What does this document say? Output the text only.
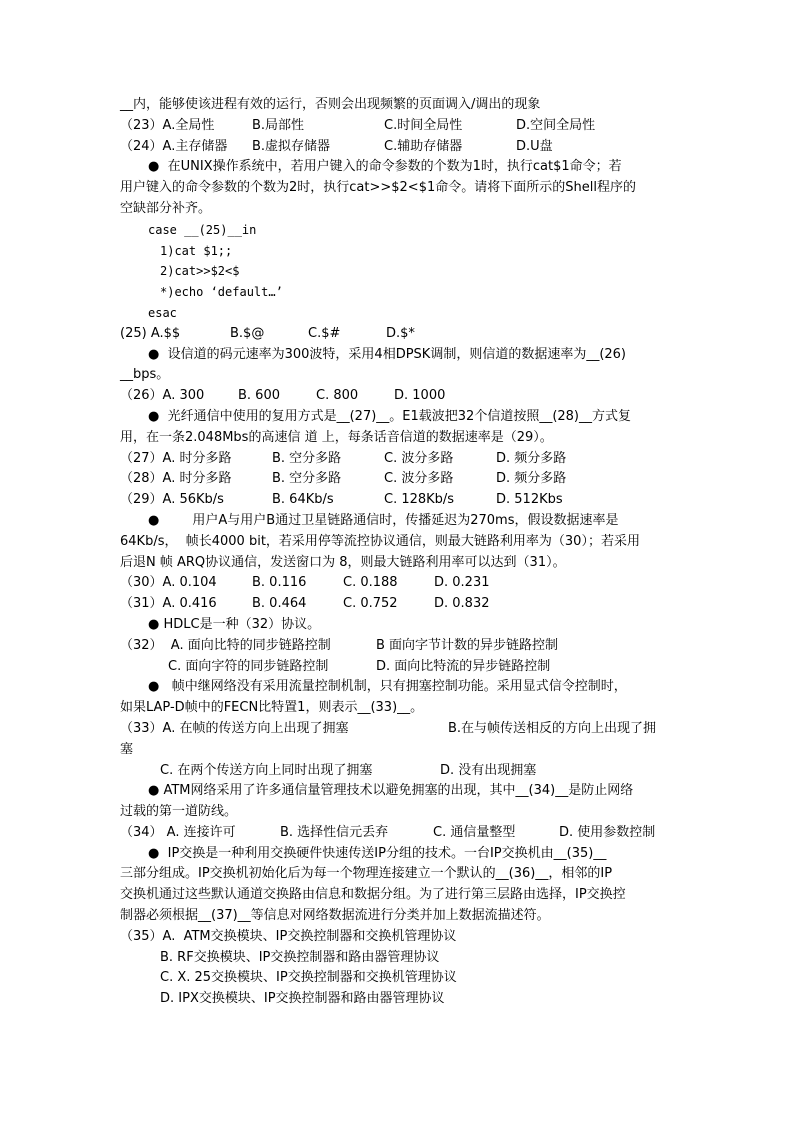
__内，能够使该进程有效的运行，否则会出现频繁的页面调入/调出的现象
（23）A.全局性	B.局部性	C.时间全局性	D.空间全局性
（24）A.主存储器	B.虚拟存储器	C.辅助存储器	D.U盘
● 在UNIX操作系统中，若用户键入的命令参数的个数为1时，执行cat$1命令；若
用户键入的命令参数的个数为2时，执行cat>>$2<$1命令。请将下面所示的Shell程序的
空缺部分补齐。
case __(25)__in
1)cat $1;;
2)cat>>$2<$
*)echo ‘default…’
esac
(25) A.$$	B.$@	C.$#	D.$*
● 设信道的码元速率为300波特，采用4相DPSK调制，则信道的数据速率为__(26)
__bps。
（26）A. 300	B. 600	C. 800	D. 1000
● 光纤通信中使用的复用方式是__(27)__。E1载波把32个信道按照__(28)__方式复
用，在一条2.048Mbs的高速信 道 上，每条话音信道的数据速率是（29）。
（27）A. 时分多路	B. 空分多路	C. 波分多路	D. 频分多路
（28）A. 时分多路	B. 空分多路	C. 波分多路	D. 频分多路
（29）A. 56Kb/s	B. 64Kb/s	C. 128Kb/s	D. 512Kbs
●	用户A与用户B通过卫星链路通信时，传播延迟为270ms，假设数据速率是
64Kb/s，  帧长4000 bit，若采用停等流控协议通信，则最大链路利用率为（30）；若采用
后退N 帧 ARQ协议通信，发送窗口为 8，则最大链路利用率可以达到（31）。
（30）A. 0.104	B. 0.116	C. 0.188	D. 0.231
（31）A. 0.416	B. 0.464	C. 0.752	D. 0.832
● HDLC是一种（32）协议。
（32）  A. 面向比特的同步链路控制	B 面向字节计数的异步链路控制
C. 面向字符的同步链路控制	D. 面向比特流的异步链路控制
● 帧中继网络没有采用流量控制机制，只有拥塞控制功能。采用显式信令控制时，
如果LAP-D帧中的FECN比特置1，则表示__(33)__。
（33）A. 在帧的传送方向上出现了拥塞	B.在与帧传送相反的方向上出现了拥
塞
C. 在两个传送方向上同时出现了拥塞	D. 没有出现拥塞
● ATM网络采用了许多通信量管理技术以避免拥塞的出现，其中__(34)__是防止网络
过载的第一道防线。
（34） A. 连接许可	B. 选择性信元丢弃	C. 通信量整型	D. 使用参数控制
● IP交换是一种利用交换硬件快速传送IP分组的技术。一台IP交换机由__(35)__
三部分组成。IP交换机初始化后为每一个物理连接建立一个默认的__(36)__，相邻的IP
交换机通过这些默认通道交换路由信息和数据分组。为了进行第三层路由选择，IP交换控
制器必须根据__(37)__等信息对网络数据流进行分类并加上数据流描述符。
（35）A.  ATM交换模块、IP交换控制器和交换机管理协议
B. RF交换模块、IP交换控制器和路由器管理协议
C. X. 25交换模块、IP交换控制器和交换机管理协议
D. IPX交换模块、IP交换控制器和路由器管理协议
